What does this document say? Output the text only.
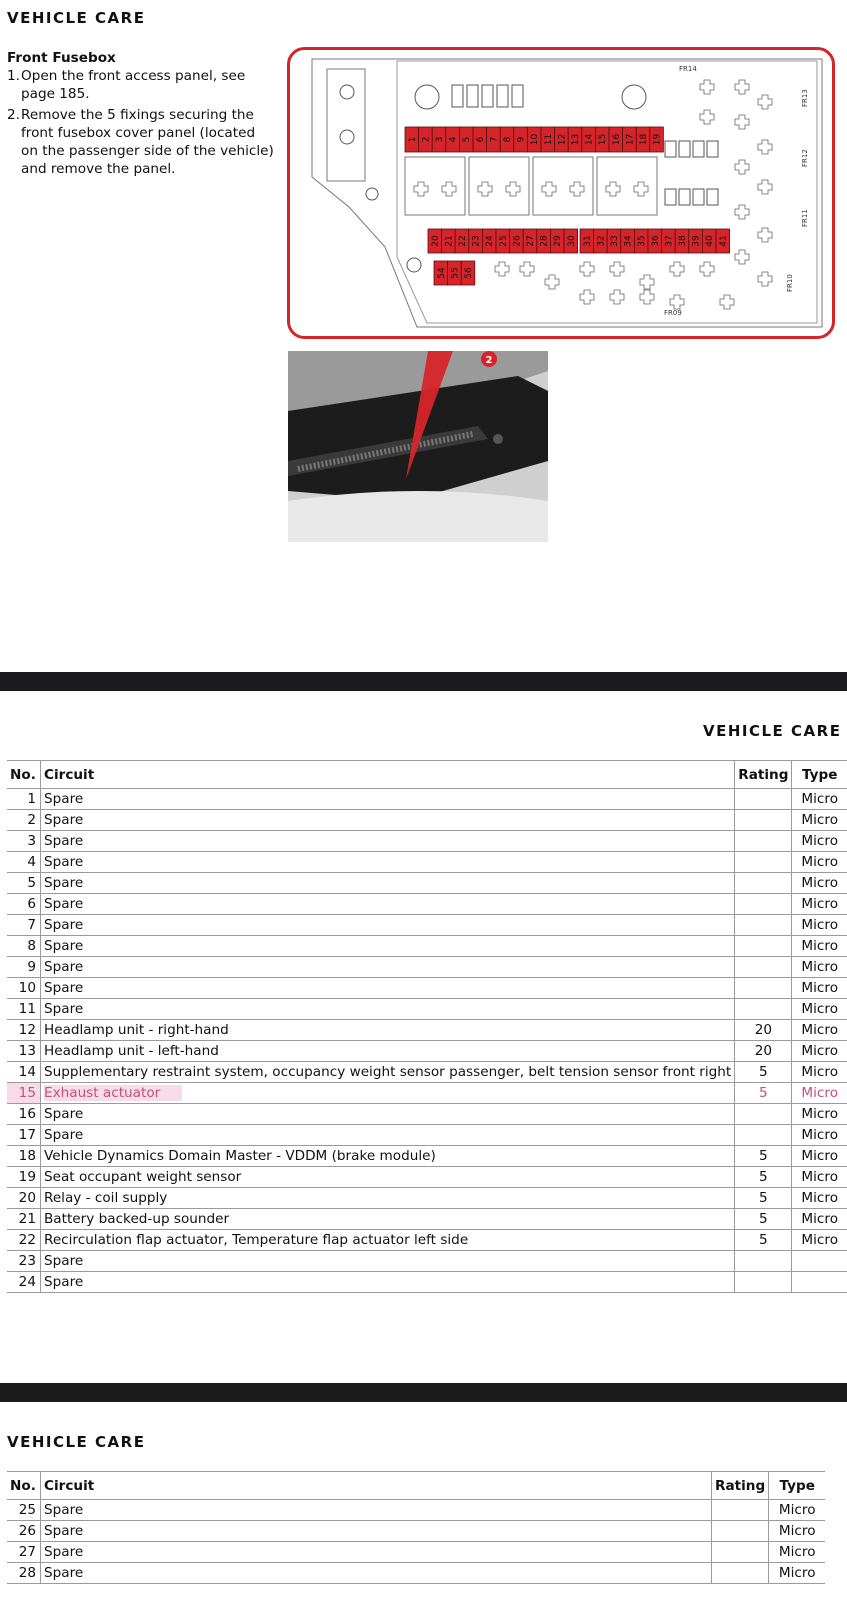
VEHICLE CARE
Front Fusebox
1. Open the front access panel, see
page 185.
2. Remove the 5 fixings securing the
front fusebox cover panel (located
on the passenger side of the vehicle)
and remove the panel.
1 2 3 4 5 6 7 8 9 10 11 12 13 14 15 16 17 18 19
20 21 22 23 24 25 26 27 28 29 30 31 32 33 34 35 36 37 38 39 40 41
54 55 56
FR14
FR13
FR12
FR11
FR10
FR09
2
VEHICLE CARE
No.	Circuit	Rating	Type
1	Spare		Micro
2	Spare		Micro
3	Spare		Micro
4	Spare		Micro
5	Spare		Micro
6	Spare		Micro
7	Spare		Micro
8	Spare		Micro
9	Spare		Micro
10	Spare		Micro
11	Spare		Micro
12	Headlamp unit - right-hand	20	Micro
13	Headlamp unit - left-hand	20	Micro
14	Supplementary restraint system, occupancy weight sensor passenger, belt tension sensor front right	5	Micro
15	Exhaust actuator	5	Micro
16	Spare		Micro
17	Spare		Micro
18	Vehicle Dynamics Domain Master - VDDM (brake module)	5	Micro
19	Seat occupant weight sensor	5	Micro
20	Relay - coil supply	5	Micro
21	Battery backed-up sounder	5	Micro
22	Recirculation flap actuator, Temperature flap actuator left side	5	Micro
23	Spare		
24	Spare		
VEHICLE CARE
No.	Circuit	Rating	Type
25	Spare		Micro
26	Spare		Micro
27	Spare		Micro
28	Spare		Micro
